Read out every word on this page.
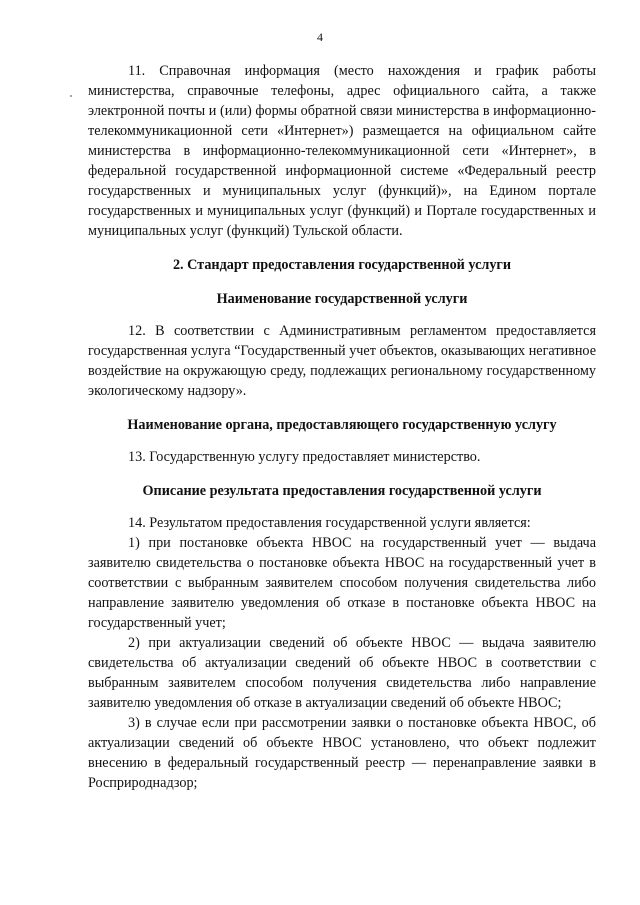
4

11. Справочная информация (место нахождения и график работы министерства, справочные телефоны, адрес официального сайта, а также электронной почты и (или) формы обратной связи министерства в информационно-телекоммуникационной сети «Интернет») размещается на официальном сайте министерства в информационно-телекоммуникационной сети «Интернет», в федеральной государственной информационной системе «Федеральный реестр государственных и муниципальных услуг (функций)», на Едином портале государственных и муниципальных услуг (функций) и Портале государственных и муниципальных услуг (функций) Тульской области.

2. Стандарт предоставления государственной услуги

Наименование государственной услуги

12. В соответствии с Административным регламентом предоставляется государственная услуга “Государственный учет объектов, оказывающих негативное воздействие на окружающую среду, подлежащих региональному государственному экологическому надзору».

Наименование органа, предоставляющего государственную услугу

13. Государственную услугу предоставляет министерство.

Описание результата предоставления государственной услуги

14. Результатом предоставления государственной услуги является:

1) при постановке объекта НВОС на государственный учет — выдача заявителю свидетельства о постановке объекта НВОС на государственный учет в соответствии с выбранным заявителем способом получения свидетельства либо направление заявителю уведомления об отказе в постановке объекта НВОС на государственный учет;

2) при актуализации сведений об объекте НВОС — выдача заявителю свидетельства об актуализации сведений об объекте НВОС в соответствии с выбранным заявителем способом получения свидетельства либо направление заявителю уведомления об отказе в актуализации сведений об объекте НВОС;

3) в случае если при рассмотрении заявки о постановке объекта НВОС, об актуализации сведений об объекте НВОС установлено, что объект подлежит внесению в федеральный государственный реестр — перенаправление заявки в Росприроднадзор;
